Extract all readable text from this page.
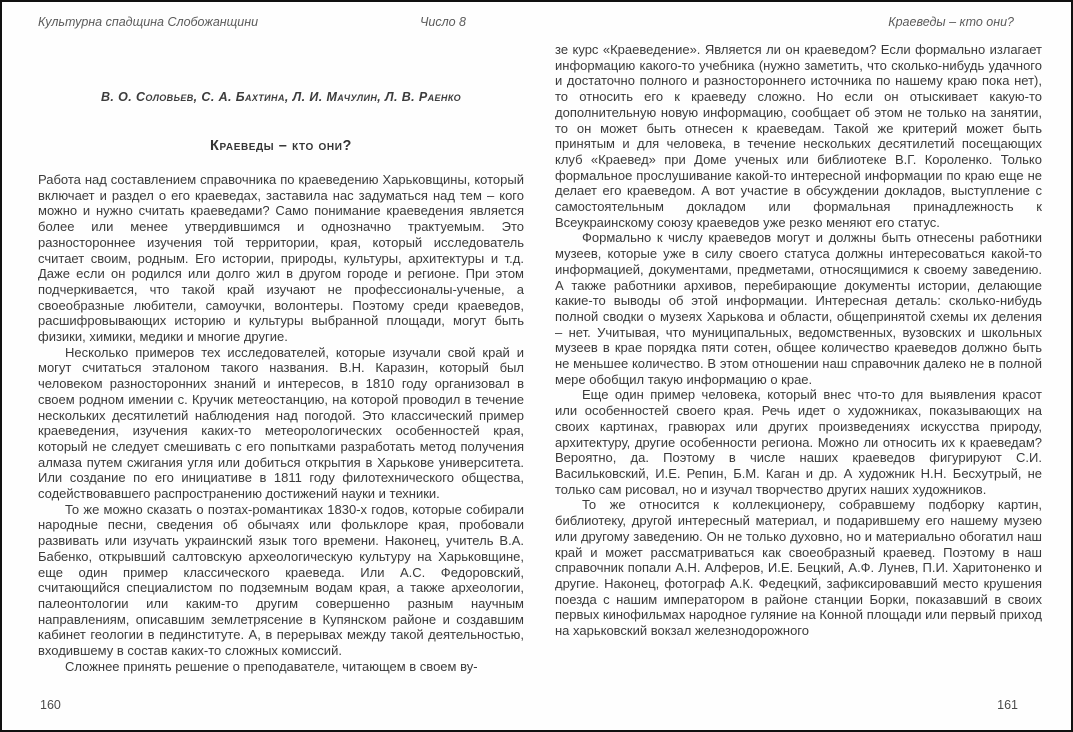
Культурна спадщина Слобожанщини	Число 8
В. О. Соловьев, С. А. Бахтина, Л. И. Мачулин, Л. В. Раенко
Краеведы – кто они?

Работа над составлением справочника по краеведению Харьковщины, который включает и раздел о его краеведах, заставила нас задуматься над тем – кого можно и нужно считать краеведами? Само понимание краеведения является более или менее утвердившимся и однозначно трактуемым. Это разностороннее изучения той территории, края, который исследователь считает своим, родным. Его истории, природы, культуры, архитектуры и т.д. Даже если он родился или долго жил в другом городе и регионе. При этом подчеркивается, что такой край изучают не профессионалы-ученые, а своеобразные любители, самоучки, волонтеры. Поэтому среди краеведов, расшифровывающих историю и культуры выбранной площади, могут быть физики, химики, медики и многие другие.

Несколько примеров тех исследователей, которые изучали свой край и могут считаться эталоном такого названия. В.Н. Каразин, который был человеком разносторонних знаний и интересов, в 1810 году организовал в своем родном имении с. Кручик метеостанцию, на которой проводил в течение нескольких десятилетий наблюдения над погодой. Это классический пример краеведения, изучения каких-то метеорологических особенностей края, который не следует смешивать с его попытками разработать метод получения алмаза путем сжигания угля или добиться открытия в Харькове университета. Или создание по его инициативе в 1811 году филотехнического общества, содействовавшего распространению достижений науки и техники.

То же можно сказать о поэтах-романтиках 1830-х годов, которые собирали народные песни, сведения об обычаях или фольклоре края, пробовали развивать или изучать украинский язык того времени. Наконец, учитель В.А. Бабенко, открывший салтовскую археологическую культуру на Харьковщине, еще один пример классического краеведа. Или А.С. Федоровский, считающийся специалистом по подземным водам края, а также археологии, палеонтологии или каким-то другим совершенно разным научным направлениям, описавшим землетрясение в Купянском районе и создавшим кабинет геологии в пединституте. А, в перерывах между такой деятельностью, входившему в состав каких-то сложных комиссий.

Сложнее принять решение о преподавателе, читающем в своем ву-

160
Краеведы – кто они?

зе курс «Краеведение». Является ли он краеведом? Если формально излагает информацию какого-то учебника (нужно заметить, что сколько-нибудь удачного и достаточно полного и разностороннего источника по нашему краю пока нет), то относить его к краеведу сложно. Но если он отыскивает какую-то дополнительную новую информацию, сообщает об этом не только на занятии, то он может быть отнесен к краеведам. Такой же критерий может быть принятым и для человека, в течение нескольких десятилетий посещающих клуб «Краевед» при Доме ученых или библиотеке В.Г. Короленко. Только формальное прослушивание какой-то интересной информации по краю еще не делает его краеведом. А вот участие в обсуждении докладов, выступление с самостоятельным докладом или формальная принадлежность к Всеукраинскому союзу краеведов уже резко меняют его статус.

Формально к числу краеведов могут и должны быть отнесены работники музеев, которые уже в силу своего статуса должны интересоваться какой-то информацией, документами, предметами, относящимися к своему заведению. А также работники архивов, перебирающие документы истории, делающие какие-то выводы об этой информации. Интересная деталь: сколько-нибудь полной сводки о музеях Харькова и области, общепринятой схемы их деления – нет. Учитывая, что муниципальных, ведомственных, вузовских и школьных музеев в крае порядка пяти сотен, общее количество краеведов должно быть не меньшее количество. В этом отношении наш справочник далеко не в полной мере обобщил такую информацию о крае.

Еще один пример человека, который внес что-то для выявления красот или особенностей своего края. Речь идет о художниках, показывающих на своих картинах, гравюрах или других произведениях искусства природу, архитектуру, другие особенности региона. Можно ли относить их к краеведам? Вероятно, да. Поэтому в числе наших краеведов фигурируют С.И. Васильковский, И.Е. Репин, Б.М. Каган и др. А художник Н.Н. Бесхутрый, не только сам рисовал, но и изучал творчество других наших художников.

То же относится к коллекционеру, собравшему подборку картин, библиотеку, другой интересный материал, и подарившему его нашему музею или другому заведению. Он не только духовно, но и материально обогатил наш край и может рассматриваться как своеобразный краевед. Поэтому в наш справочник попали А.Н. Алферов, И.Е. Бецкий, А.Ф. Лунев, П.И. Харитоненко и другие. Наконец, фотограф А.К. Федецкий, зафиксировавший место крушения поезда с нашим императором в районе станции Борки, показавший в своих первых кинофильмах народное гуляние на Конной площади или первый приход на харьковский вокзал железнодорожного

161
